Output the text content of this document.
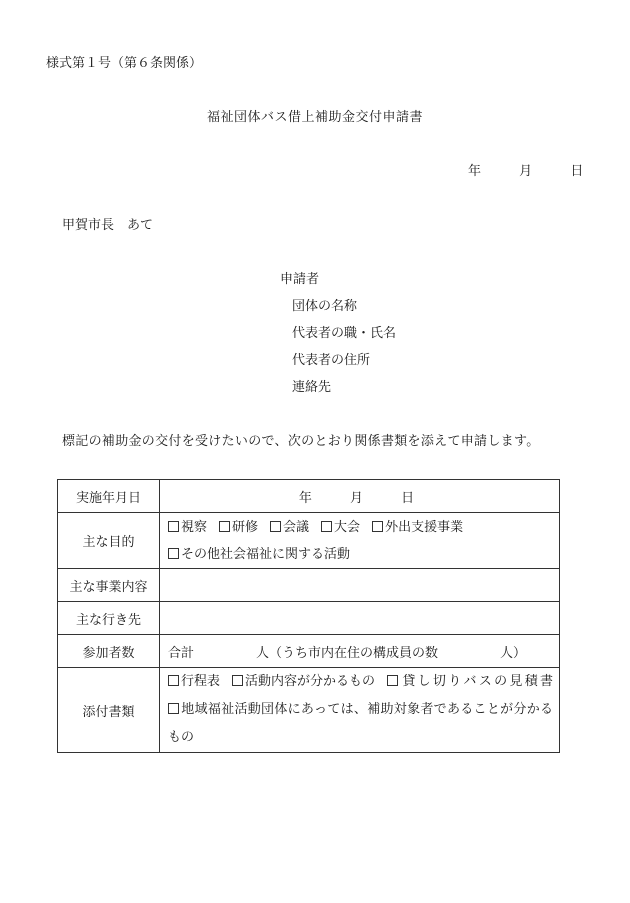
様式第１号（第６条関係）
福祉団体バス借上補助金交付申請書
年	月	日
甲賀市長　あて
申請者
団体の名称
代表者の職・氏名
代表者の住所
連絡先
標記の補助金の交付を受けたいので、次のとおり関係書類を添えて申請します。
実施年月日	年 月 日
主な目的	視察 研修 会議 大会 外出支援事業
その他社会福祉に関する活動

主な事業内容	
主な行き先	
参加者数	合計 人（うち市内在住の構成員の数 人）
添付書類	行程表 活動内容が分かるもの 貸し切りバスの見積書　地域福祉活動団体にあっては、補助対象者であることが分かるもの
